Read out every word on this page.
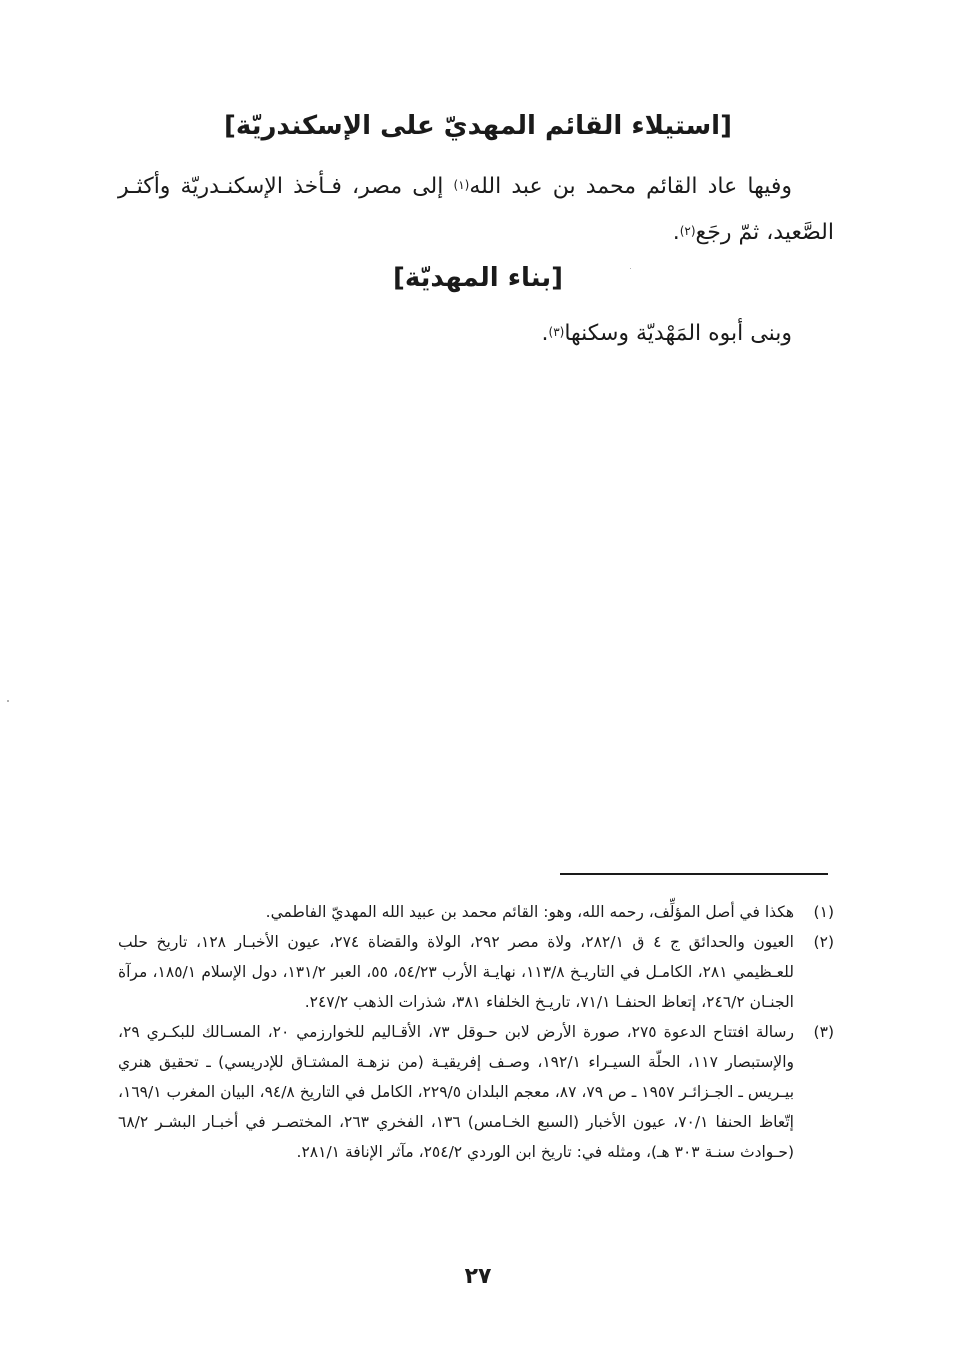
[استيلاء القائم المهديّ على الإسكندريّة]
وفيها عاد القائم محمد بن عبد الله$^{(١)}$ إلى مصر، فـأخذ الإسكنـدريّة وأكثـر الصَّعيد، ثمّ رجَع$^{(٢)}$.
[بناء المهديّة]
وبنى أبوه المَهْديّة وسكنها$^{(٣)}$.
(١)
هكذا في أصل المؤلِّف، رحمه الله، وهو: القائم محمد بن عبيد الله المهديّ الفاطمي.
(٢)
العيون والحدائق ج ٤ ق ٢٨٢/١، ولاة مصر ٢٩٢، الولاة والقضاة ٢٧٤، عيون الأخبـار ١٢٨، تاريخ حلب للعـظيمي ٢٨١، الكامـل في التاريـخ ١١٣/٨، نهايـة الأرب ٥٤/٢٣، ٥٥، العبر ١٣١/٢، دول الإسلام ١٨٥/١، مرآة الجنـان ٢٤٦/٢، إتعاظ الحنفـا ٧١/١، تاريـخ الخلفاء ٣٨١، شذرات الذهب ٢٤٧/٢.
(٣)
رسالة افتتاح الدعوة ٢٧٥، صورة الأرض لابن حـوقل ٧٣، الأقـاليم للخوارزمي ٢٠، المسـالك للبكـري ٢٩، والإستبصار ١١٧، الحلّة السيـراء ١٩٢/١، وصـف إفريقيـة (من نزهـة المشتـاق للإدريسي) ـ تحقيق هنري بيـريس ـ الجـزائـر ١٩٥٧ ـ ص ٧٩، ٨٧، معجم البلدان ٢٢٩/٥، الكامل في التاريخ ٩٤/٨، البيان المغرب ١٦٩/١، إتّعاظ الحنفا ٧٠/١، عيون الأخبار (السبع الخـامس) ١٣٦، الفخري ٢٦٣، المختصـر في أخبـار البشـر ٦٨/٢ (حـوادث سنـة ٣٠٣ هـ)، ومثله في: تاريخ ابن الوردي ٢٥٤/٢، مآثر الإنافة ٢٨١/١.
٢٧
